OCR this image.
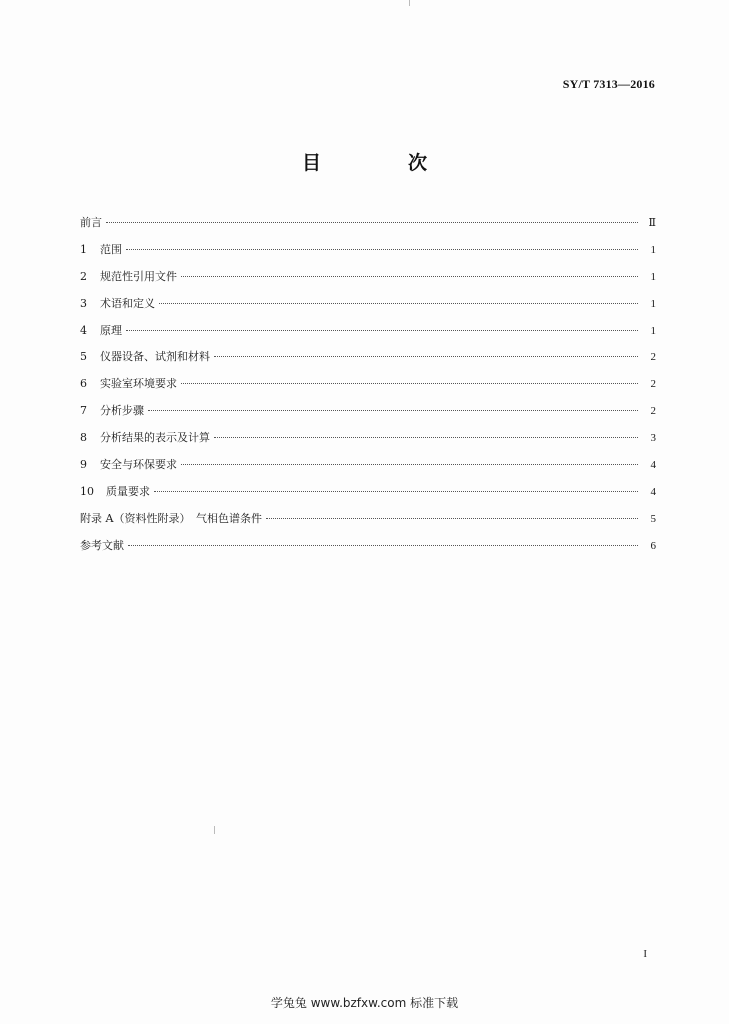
SY/T 7313—2016
目　次
前言	Ⅱ
1	范围	1
2	规范性引用文件	1
3	术语和定义	1
4	原理	1
5	仪器设备、试剂和材料	2
6	实验室环境要求	2
7	分析步骤	2
8	分析结果的表示及计算	3
9	安全与环保要求	4
10	质量要求	4
附录 A（资料性附录）　气相色谱条件	5
参考文献	6
I
学兔兔 www.bzfxw.com 标准下载
